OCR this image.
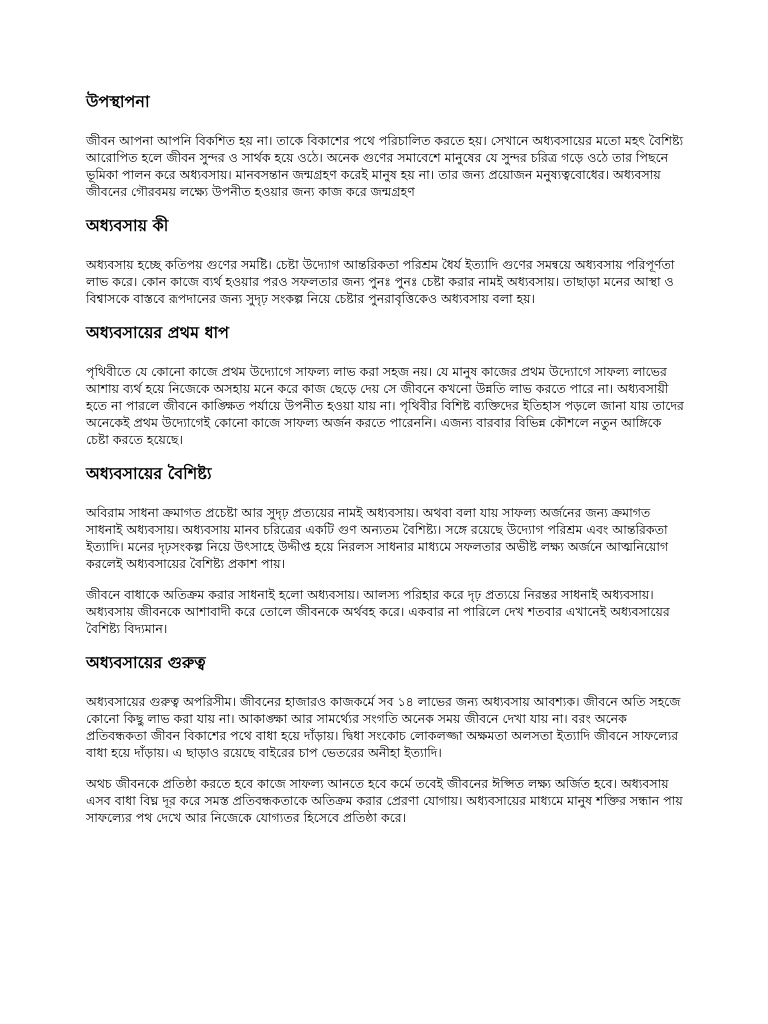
উপস্থাপনা

জীবন আপনা আপনি বিকশিত হয় না। তাকে বিকাশের পথে পরিচালিত করতে হয়। সেখানে অধ্যবসায়ের মতো মহৎ বৈশিষ্ট্য আরোপিত হলে জীবন সুন্দর ও সার্থক হয়ে ওঠে। অনেক গুণের সমাবেশে মানুষের যে সুন্দর চরিত্র গড়ে ওঠে তার পিছনে ভূমিকা পালন করে অধ্যবসায়। মানবসন্তান জন্মগ্রহণ করেই মানুষ হয় না। তার জন্য প্রয়োজন মনুষ্যত্ববোধের। অধ্যবসায় জীবনের গৌরবময় লক্ষ্যে উপনীত হওয়ার জন্য কাজ করে জন্মগ্রহণ

অধ্যবসায় কী

অধ্যবসায় হচ্ছে কতিপয় গুণের সমষ্টি। চেষ্টা উদ্যোগ আন্তরিকতা পরিশ্রম ধৈর্য ইত্যাদি গুণের সমন্বয়ে অধ্যবসায় পরিপূর্ণতা লাভ করে। কোন কাজে ব্যর্থ হওয়ার পরও সফলতার জন্য পুনঃ পুনঃ চেষ্টা করার নামই অধ্যবসায়। তাছাড়া মনের আস্থা ও বিশ্বাসকে বাস্তবে রূপদানের জন্য সুদৃঢ় সংকল্প নিয়ে চেষ্টার পুনরাবৃত্তিকেও অধ্যবসায় বলা হয়।

অধ্যবসায়ের প্রথম ধাপ

পৃথিবীতে যে কোনো কাজে প্রথম উদ্যোগে সাফল্য লাভ করা সহজ নয়। যে মানুষ কাজের প্রথম উদ্যোগে সাফল্য লাভের আশায় ব্যর্থ হয়ে নিজেকে অসহায় মনে করে কাজ ছেড়ে দেয় সে জীবনে কখনো উন্নতি লাভ করতে পারে না। অধ্যবসায়ী হতে না পারলে জীবনে কাঙ্ক্ষিত পর্যায়ে উপনীত হওয়া যায় না। পৃথিবীর বিশিষ্ট ব্যক্তিদের ইতিহাস পড়লে জানা যায় তাদের অনেকেই প্রথম উদ্যোগেই কোনো কাজে সাফল্য অর্জন করতে পারেননি। এজন্য বারবার বিভিন্ন কৌশলে নতুন আঙ্গিকে চেষ্টা করতে হয়েছে।

অধ্যবসায়ের বৈশিষ্ট্য

অবিরাম সাধনা ক্রমাগত প্রচেষ্টা আর সুদৃঢ় প্রত্যয়ের নামই অধ্যবসায়। অথবা বলা যায় সাফল্য অর্জনের জন্য ক্রমাগত সাধনাই অধ্যবসায়। অধ্যবসায় মানব চরিত্রের একটি গুণ অন্যতম বৈশিষ্ট্য। সঙ্গে রয়েছে উদ্যোগ পরিশ্রম এবং আন্তরিকতা ইত্যাদি। মনের দৃঢ়সংকল্প নিয়ে উৎসাহে উদ্দীপ্ত হয়ে নিরলস সাধনার মাধ্যমে সফলতার অভীষ্ট লক্ষ্য অর্জনে আত্মনিয়োগ করলেই অধ্যবসায়ের বৈশিষ্ট্য প্রকাশ পায়।

জীবনে বাধাকে অতিক্রম করার সাধনাই হলো অধ্যবসায়। আলস্য পরিহার করে দৃঢ় প্রত্যয়ে নিরন্তর সাধনাই অধ্যবসায়। অধ্যবসায় জীবনকে আশাবাদী করে তোলে জীবনকে অর্থবহ করে। একবার না পারিলে দেখ শতবার এখানেই অধ্যবসায়ের বৈশিষ্ট্য বিদ্যমান।

অধ্যবসায়ের গুরুত্ব

অধ্যবসায়ের গুরুত্ব অপরিসীম। জীবনের হাজারও কাজকর্মে সব ১৪ লাভের জন্য অধ্যবসায় আবশ্যক। জীবনে অতি সহজে কোনো কিছু লাভ করা যায় না। আকাঙ্ক্ষা আর সামর্থ্যের সংগতি অনেক সময় জীবনে দেখা যায় না। বরং অনেক প্রতিবন্ধকতা জীবন বিকাশের পথে বাধা হয়ে দাঁড়ায়। দ্বিধা সংকোচ লোকলজ্জা অক্ষমতা অলসতা ইত্যাদি জীবনে সাফল্যের বাধা হয়ে দাঁড়ায়। এ ছাড়াও রয়েছে বাইরের চাপ ভেতরের অনীহা ইত্যাদি।

অথচ জীবনকে প্রতিষ্ঠা করতে হবে কাজে সাফল্য আনতে হবে কর্মে তবেই জীবনের ঈপ্সিত লক্ষ্য অর্জিত হবে। অধ্যবসায় এসব বাধা বিঘ্ন দূর করে সমস্ত প্রতিবন্ধকতাকে অতিক্রম করার প্রেরণা যোগায়। অধ্যবসায়ের মাধ্যমে মানুষ শক্তির সন্ধান পায় সাফল্যের পথ দেখে আর নিজেকে যোগ্যতর হিসেবে প্রতিষ্ঠা করে।
